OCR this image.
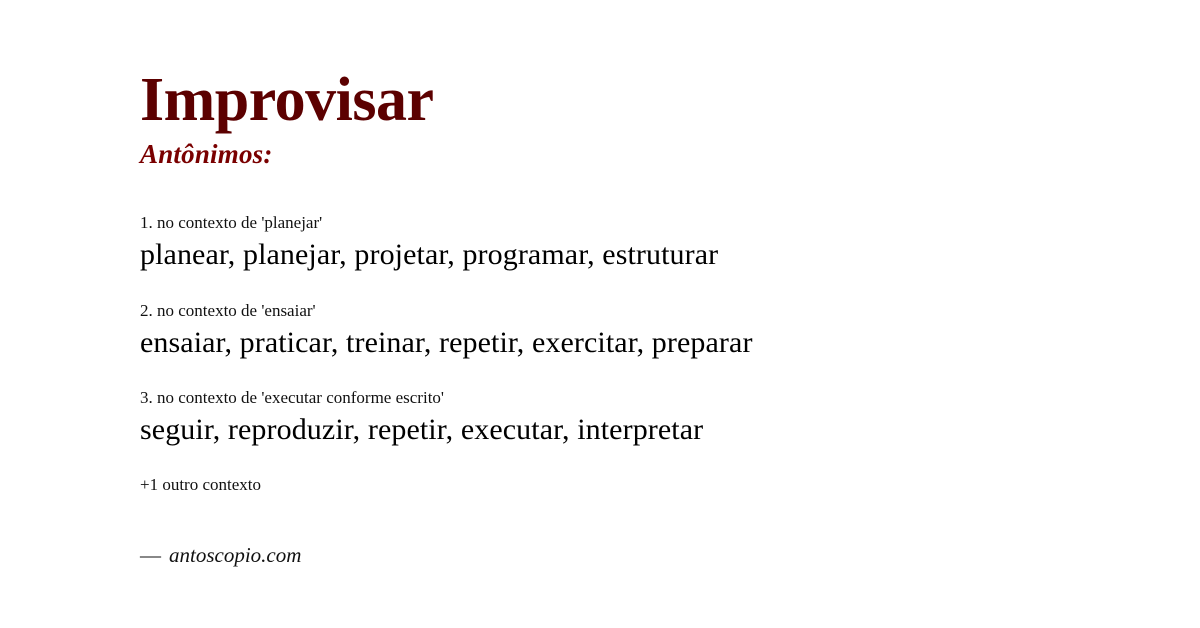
Improvisar
Antônimos:
1. no contexto de 'planejar'
planear, planejar, projetar, programar, estruturar
2. no contexto de 'ensaiar'
ensaiar, praticar, treinar, repetir, exercitar, preparar
3. no contexto de 'executar conforme escrito'
seguir, reproduzir, repetir, executar, interpretar
+1 outro contexto
— antoscopio.com
